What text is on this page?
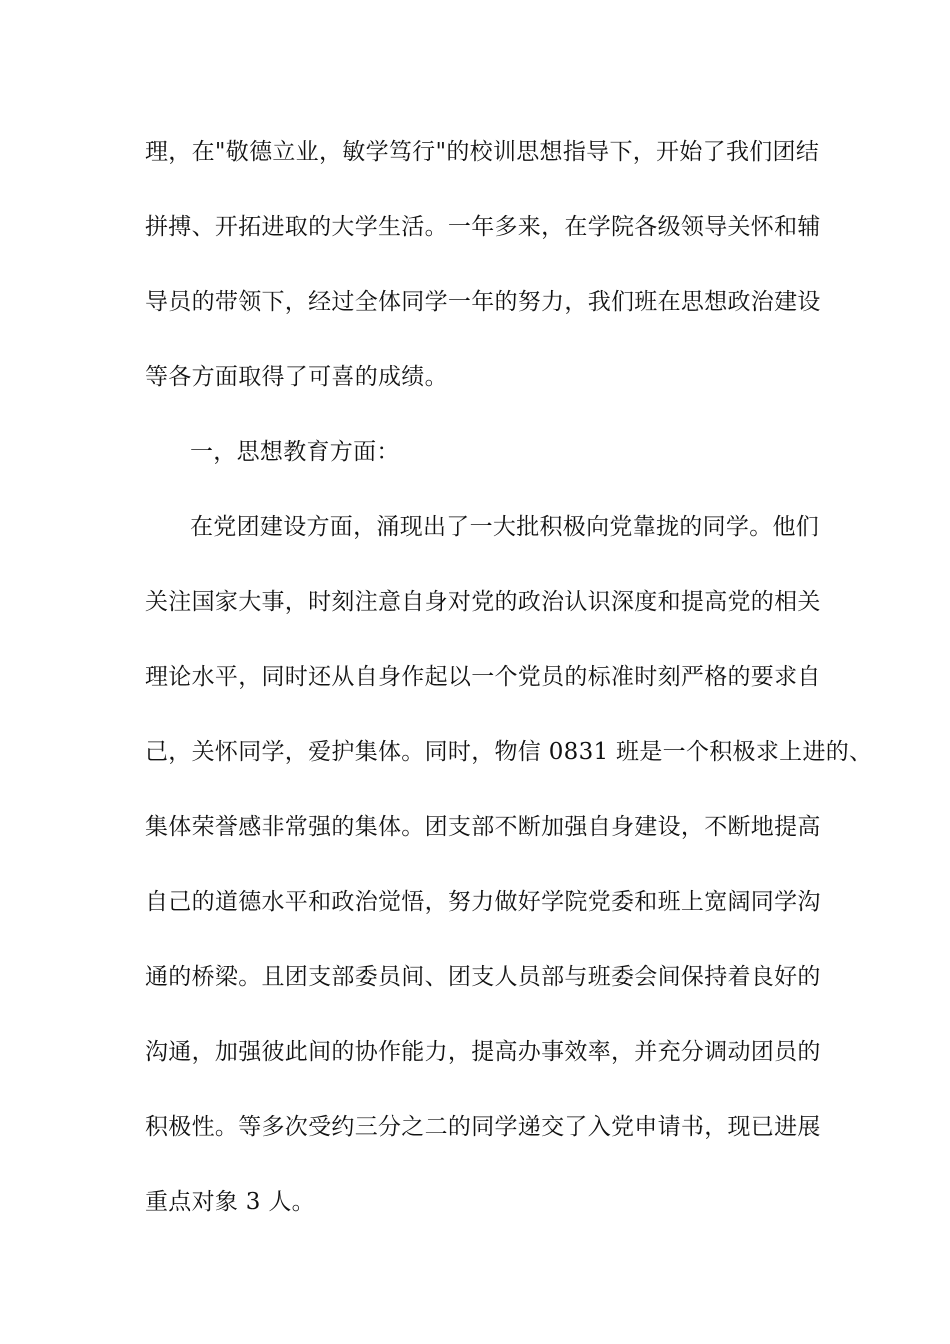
理，在"敬德立业，敏学笃行"的校训思想指导下，开始了我们团结
拼搏、开拓进取的大学生活。一年多来，在学院各级领导关怀和辅
导员的带领下，经过全体同学一年的努力，我们班在思想政治建设
等各方面取得了可喜的成绩。
一，思想教育方面：
在党团建设方面，涌现出了一大批积极向党靠拢的同学。他们
关注国家大事，时刻注意自身对党的政治认识深度和提高党的相关
理论水平，同时还从自身作起以一个党员的标准时刻严格的要求自
己，关怀同学，爱护集体。同时，物信 0831 班是一个积极求上进的、
集体荣誉感非常强的集体。团支部不断加强自身建设，不断地提高
自己的道德水平和政治觉悟，努力做好学院党委和班上宽阔同学沟
通的桥梁。且团支部委员间、团支人员部与班委会间保持着良好的
沟通，加强彼此间的协作能力，提高办事效率，并充分调动团员的
积极性。等多次受约三分之二的同学递交了入党申请书，现已进展
重点对象 3 人。
